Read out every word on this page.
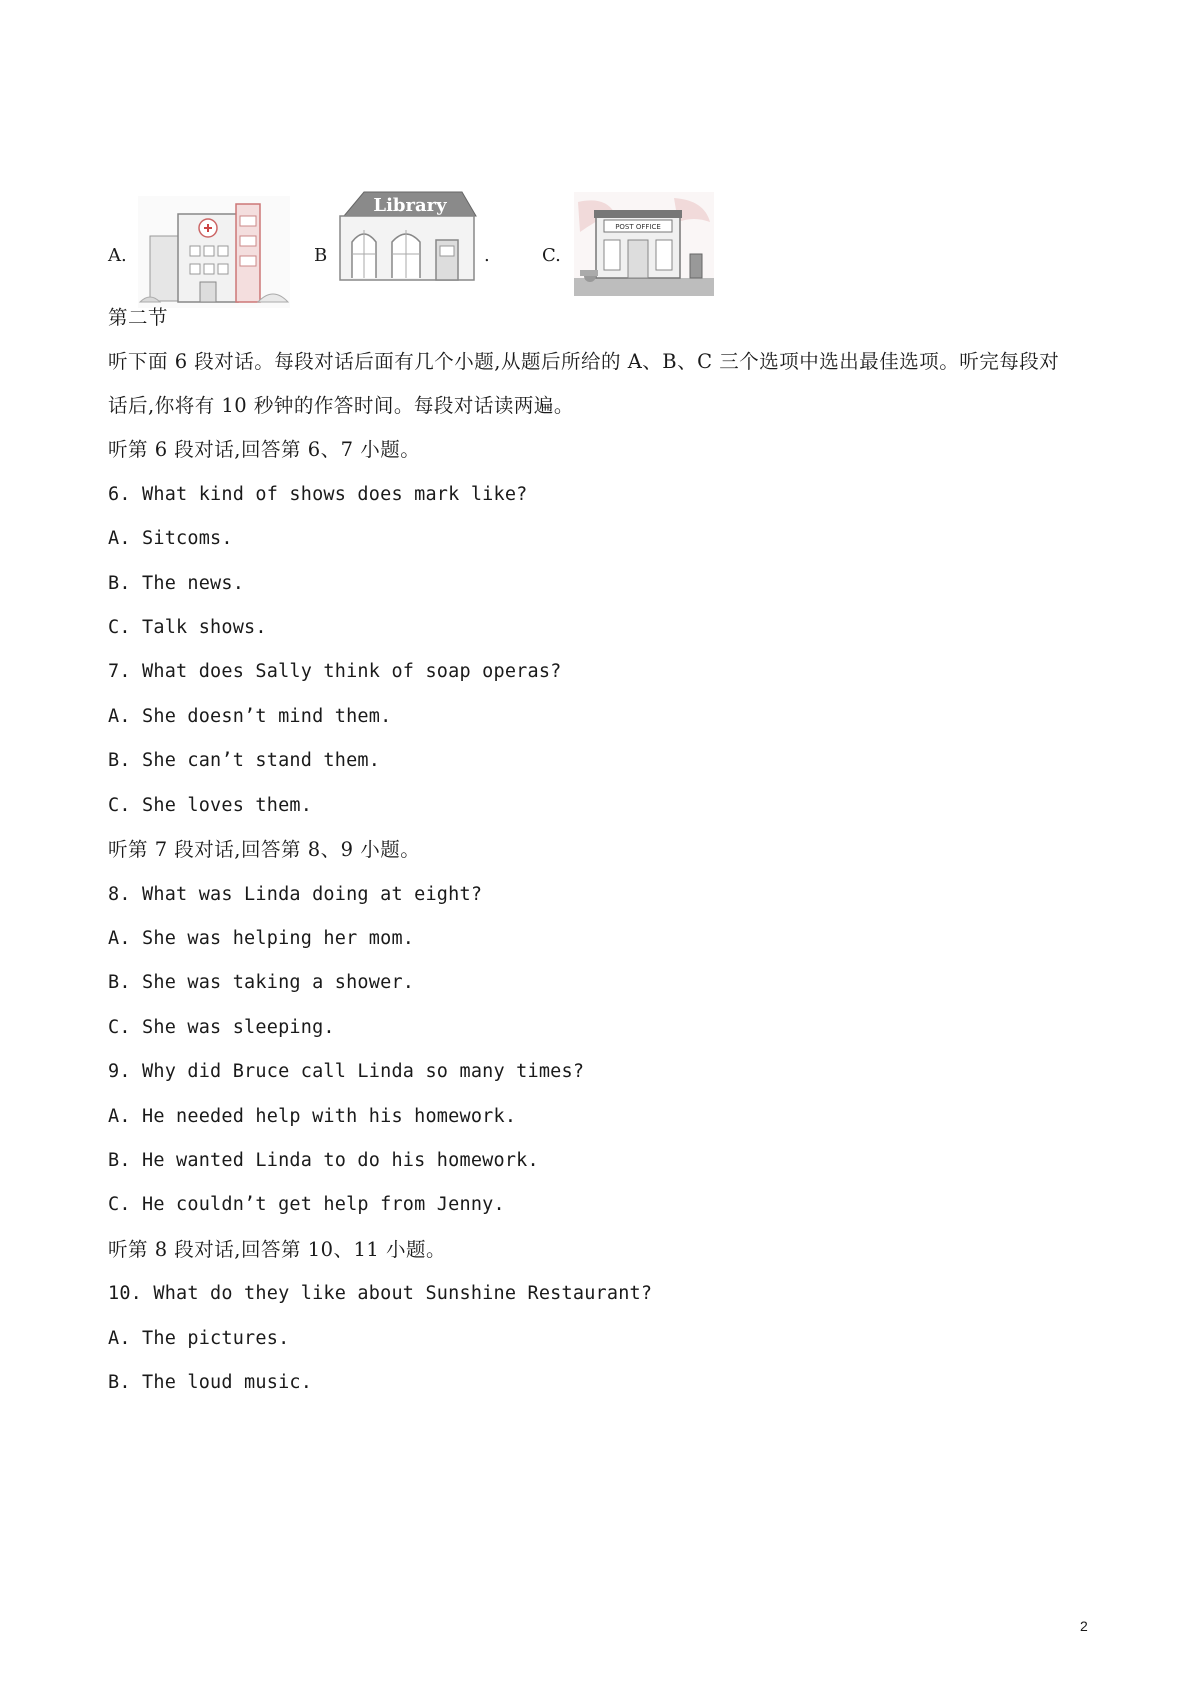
A.	B
Library
.	C.
POST OFFICE
第二节
听下面 6 段对话。每段对话后面有几个小题,从题后所给的 A、B、C 三个选项中选出最佳选项。听完每段对
话后,你将有 10 秒钟的作答时间。每段对话读两遍。
听第 6 段对话,回答第 6、7 小题。
6. What kind of shows does mark like?
A. Sitcoms.
B. The news.
C. Talk shows.
7. What does Sally think of soap operas?
A. She doesn’t mind them.
B. She can’t stand them.
C. She loves them.
听第 7 段对话,回答第 8、9 小题。
8. What was Linda doing at eight?
A. She was helping her mom.
B. She was taking a shower.
C. She was sleeping.
9. Why did Bruce call Linda so many times?
A. He needed help with his homework.
B. He wanted Linda to do his homework.
C. He couldn’t get help from Jenny.
听第 8 段对话,回答第 10、11 小题。
10. What do they like about Sunshine Restaurant?
A. The pictures.
B. The loud music.
2
